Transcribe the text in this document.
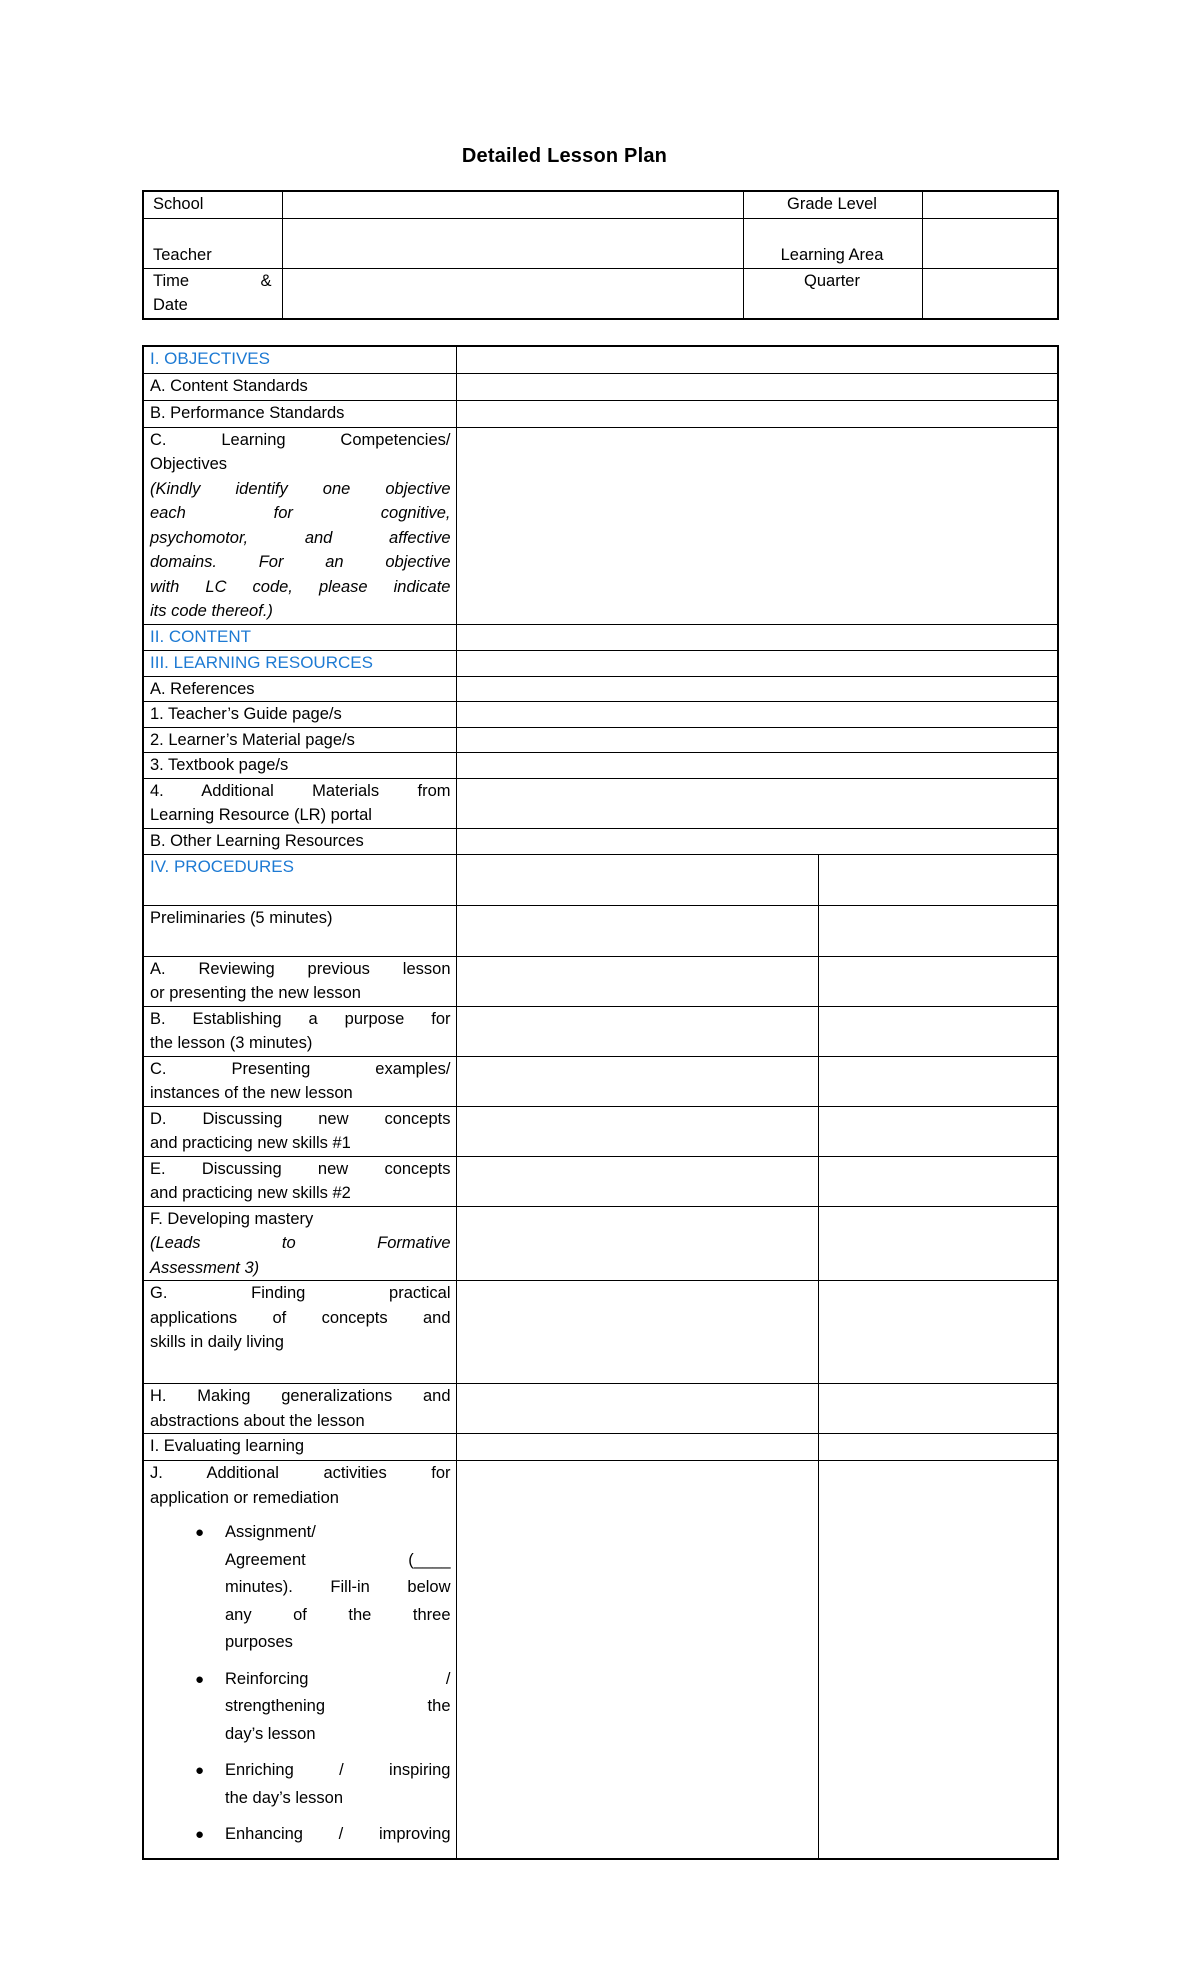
Detailed Lesson Plan
School		Grade Level	
Teacher		Learning Area	

Time &
Date		Quarter	
I. OBJECTIVES		
A. Content Standards		
B. Performance Standards		

C. Learning Competencies/
Objectives
(Kindly identify one objective
each for cognitive,
psychomotor, and affective
domains. For an objective
with LC code, please indicate
its code thereof.)

II. CONTENT		
III. LEARNING RESOURCES		
A. References		
1. Teacher’s Guide page/s		
2. Learner’s Material page/s		
3. Textbook page/s		

4. Additional Materials from
Learning Resource (LR) portal		

B. Other Learning Resources		
IV. PROCEDURES		
Preliminaries (5 minutes)		

A. Reviewing previous lesson
or presenting the new lesson		

B. Establishing a purpose for
the lesson (3 minutes)		

C. Presenting examples/
instances of the new lesson		

D. Discussing new concepts
and practicing new skills #1		

E. Discussing new concepts
and practicing new skills #2		

F. Developing mastery
(Leads to Formative
Assessment 3)		

G. Finding practical
applications of concepts and
skills in daily living		

H. Making generalizations and
abstractions about the lesson		

I. Evaluating learning		

J. Additional activities for
application or remediation
●	Assignment/
Agreement (____
minutes). Fill-in below
any of the three
purposes
●	Reinforcing /
strengthening the
day’s lesson
●	Enriching / inspiring
the day’s lesson
●	Enhancing / improving
